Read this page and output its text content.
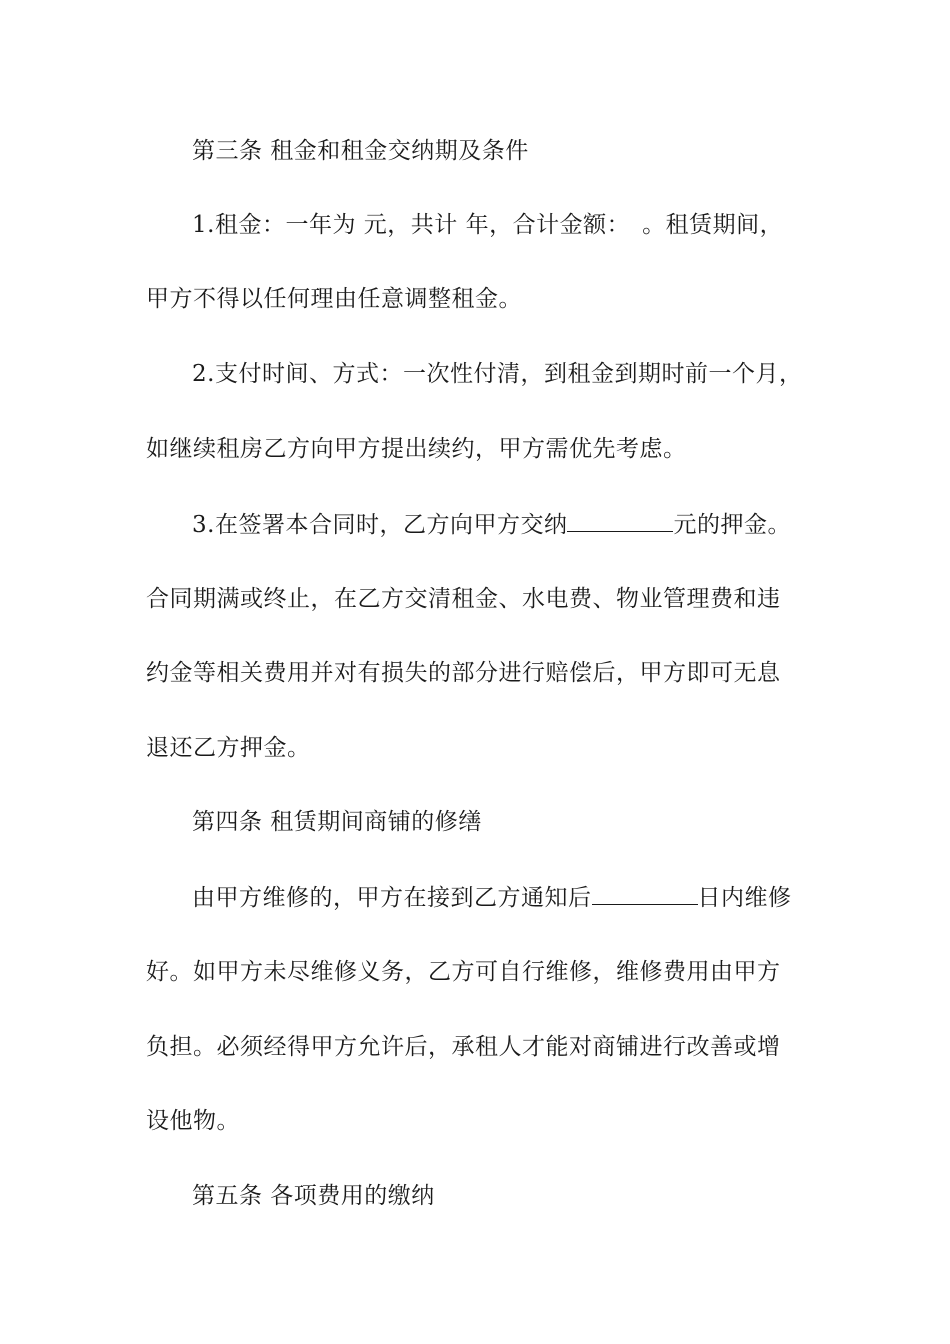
第三条 租金和租金交纳期及条件
1.租金：一年为 元，共计 年，合计金额：　。租赁期间，
甲方不得以任何理由任意调整租金。
2.支付时间、方式：一次性付清，到租金到期时前一个月，
如继续租房乙方向甲方提出续约，甲方需优先考虑。
3.在签署本合同时，乙方向甲方交纳	元的押金。
合同期满或终止，在乙方交清租金、水电费、物业管理费和违
约金等相关费用并对有损失的部分进行赔偿后，甲方即可无息
退还乙方押金。
第四条 租赁期间商铺的修缮
由甲方维修的，甲方在接到乙方通知后	日内维修
好。如甲方未尽维修义务，乙方可自行维修，维修费用由甲方
负担。必须经得甲方允许后，承租人才能对商铺进行改善或增
设他物。
第五条 各项费用的缴纳
